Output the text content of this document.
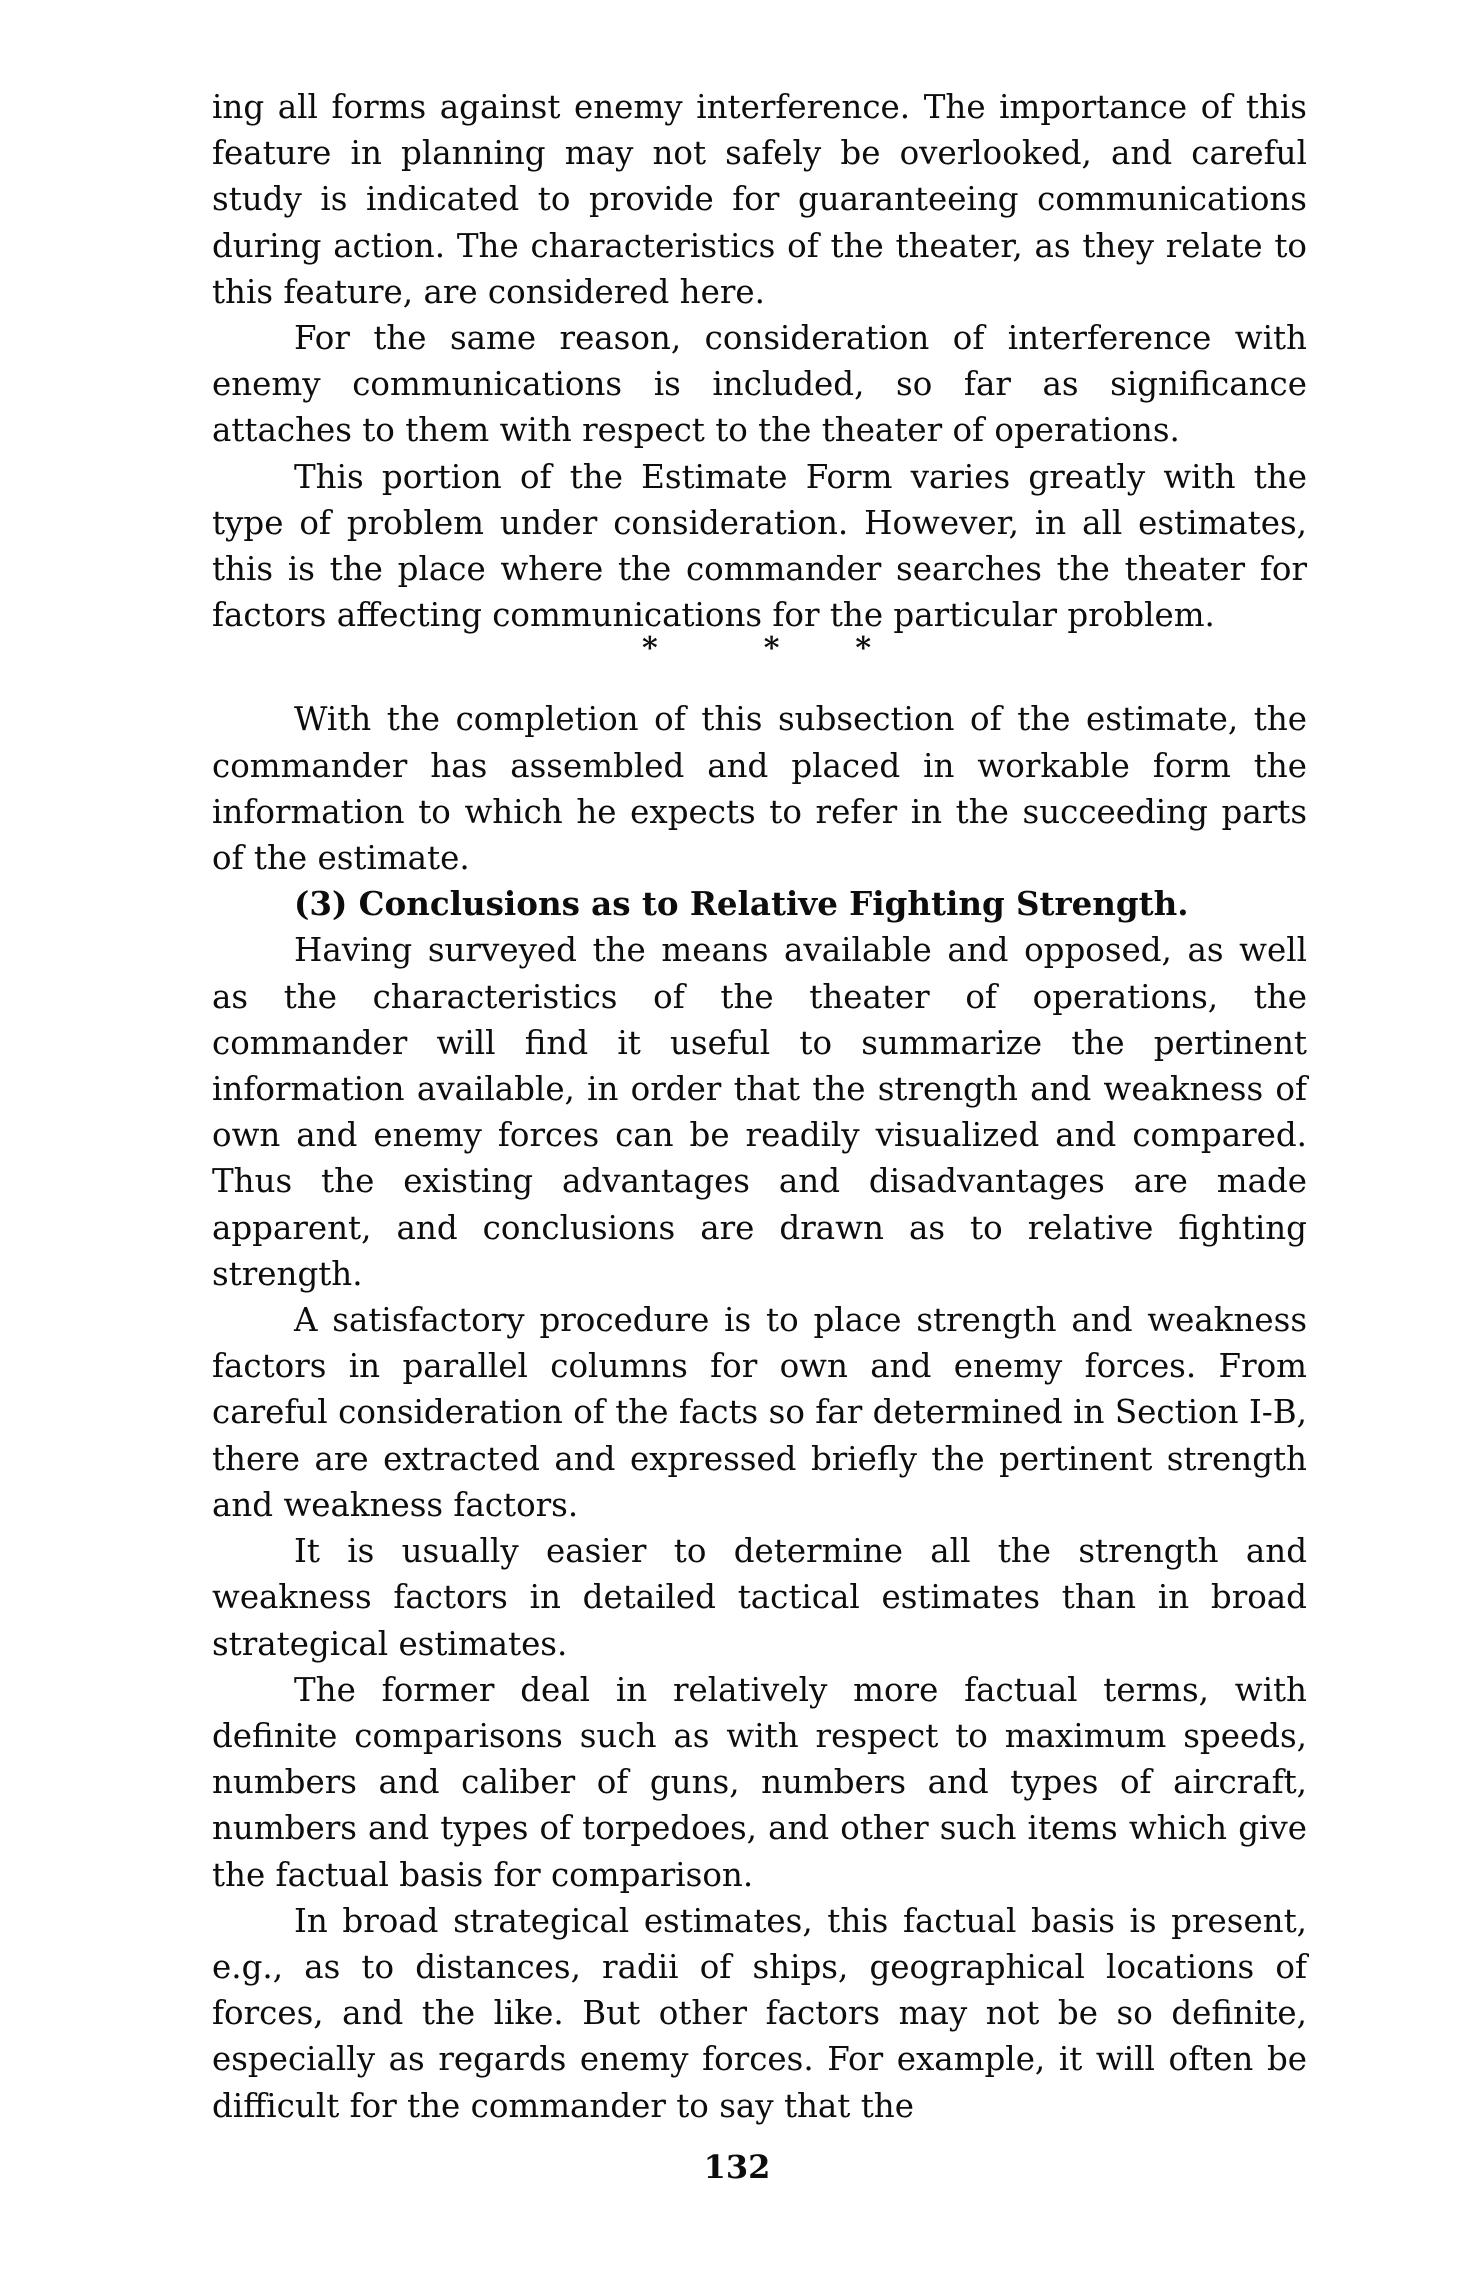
ing all forms against enemy interference. The importance of this feature in planning may not safely be overlooked, and careful study is indicated to provide for guaranteeing communications during action. The characteristics of the theater, as they relate to this feature, are considered here.

For the same reason, consideration of interference with enemy communications is included, so far as significance attaches to them with respect to the theater of operations.

This portion of the Estimate Form varies greatly with the type of problem under consideration. However, in all estimates, this is the place where the commander searches the theater for factors affecting communications for the particular problem.

*	*	*

With the completion of this subsection of the estimate, the commander has assembled and placed in workable form the information to which he expects to refer in the succeeding parts of the estimate.

(3) Conclusions as to Relative Fighting Strength.

Having surveyed the means available and opposed, as well as the characteristics of the theater of operations, the commander will find it useful to summarize the pertinent information available, in order that the strength and weakness of own and enemy forces can be readily visualized and compared. Thus the existing advantages and disadvantages are made apparent, and conclusions are drawn as to relative fighting strength.

A satisfactory procedure is to place strength and weakness factors in parallel columns for own and enemy forces. From careful consideration of the facts so far determined in Section I-B, there are extracted and expressed briefly the pertinent strength and weakness factors.

It is usually easier to determine all the strength and weakness factors in detailed tactical estimates than in broad strategical estimates.

The former deal in relatively more factual terms, with definite comparisons such as with respect to maximum speeds, numbers and caliber of guns, numbers and types of aircraft, numbers and types of torpedoes, and other such items which give the factual basis for comparison.

In broad strategical estimates, this factual basis is present, e.g., as to distances, radii of ships, geographical locations of forces, and the like. But other factors may not be so definite, especially as regards enemy forces. For example, it will often be difficult for the commander to say that the

132
